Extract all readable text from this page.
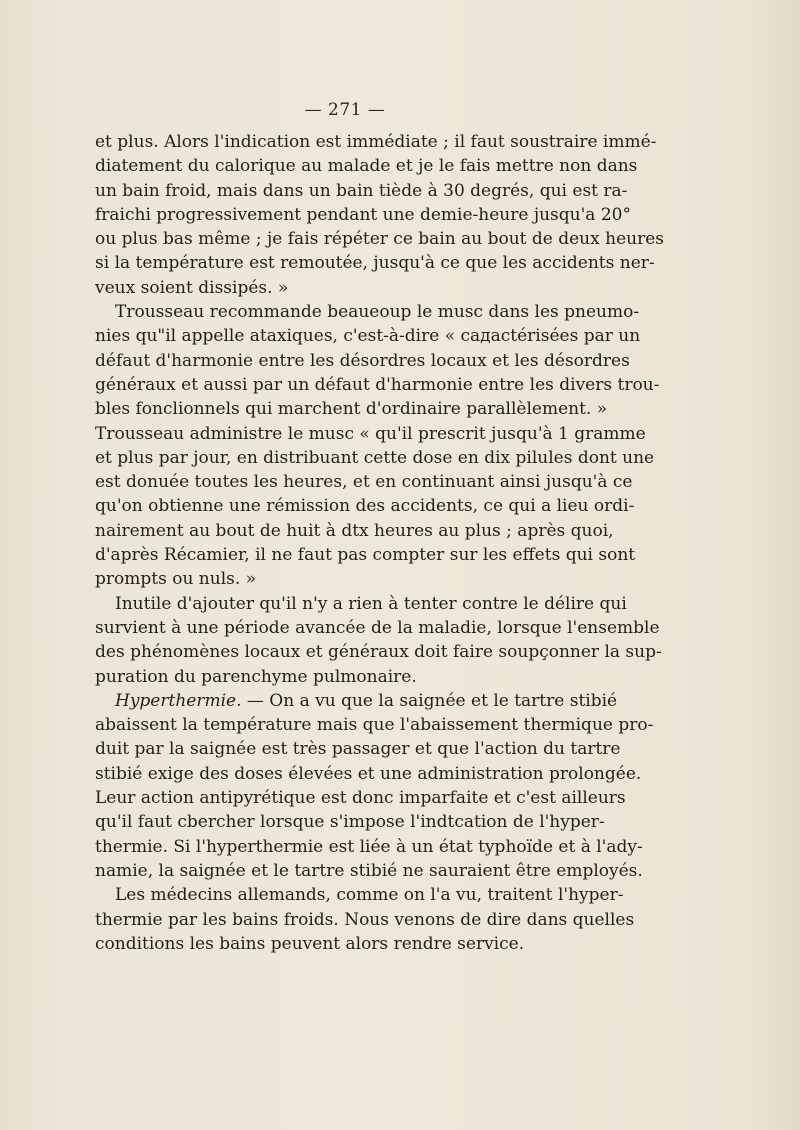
— 271 —
et plus. Alors l'indication est immédiate ; il faut soustraire immé-
diatement du calorique au malade et je le fais mettre non dans
un bain froid, mais dans un bain tiède à 30 degrés, qui est ra-
fraichi progressivement pendant une demie-heure jusqu'a 20°
ou plus bas même ; je fais répéter ce bain au bout de deux heures
si la température est remoutée, jusqu'à ce que les accidents ner-
veux soient dissipés. »
Trousseau recommande beaueoup le musc dans les pneumo-
nies qu"il appelle ataxiques, c'est-à-dire « caдactérisées par un
défaut d'harmonie entre les désordres locaux et les désordres
généraux et aussi par un défaut d'harmonie entre les divers trou-
bles fonclionnels qui marchent d'ordinaire parallèlement. »
Trousseau administre le musc « qu'il prescrit jusqu'à 1 gramme
et plus par jour, en distribuant cette dose en dix pilules dont une
est donuée toutes les heures, et en continuant ainsi jusqu'à ce
qu'on obtienne une rémission des accidents, ce qui a lieu ordi-
nairement au bout de huit à dtx heures au plus ; après quoi,
d'après Récamier, il ne faut pas compter sur les effets qui sont
prompts ou nuls. »
Inutile d'ajouter qu'il n'y a rien à tenter contre le délire qui
survient à une période avancée de la maladie, lorsque l'ensemble
des phénomènes locaux et généraux doit faire soupçonner la sup-
puration du parenchyme pulmonaire.
Hyperthermie. — On a vu que la saignée et le tartre stibié
abaissent la température mais que l'abaissement thermique pro-
duit par la saignée est très passager et que l'action du tartre
stibié exige des doses élevées et une administration prolongée.
Leur action antipyrétique est donc imparfaite et c'est ailleurs
qu'il faut cbercher lorsque s'impose l'indtcation de l'hyper-
thermie. Si l'hyperthermie est liée à un état typhoïde et à l'ady-
namie, la saignée et le tartre stibié ne sauraient être employés.
Les médecins allemands, comme on l'a vu, traitent l'hyper-
thermie par les bains froids. Nous venons de dire dans quelles
conditions les bains peuvent alors rendre service.
